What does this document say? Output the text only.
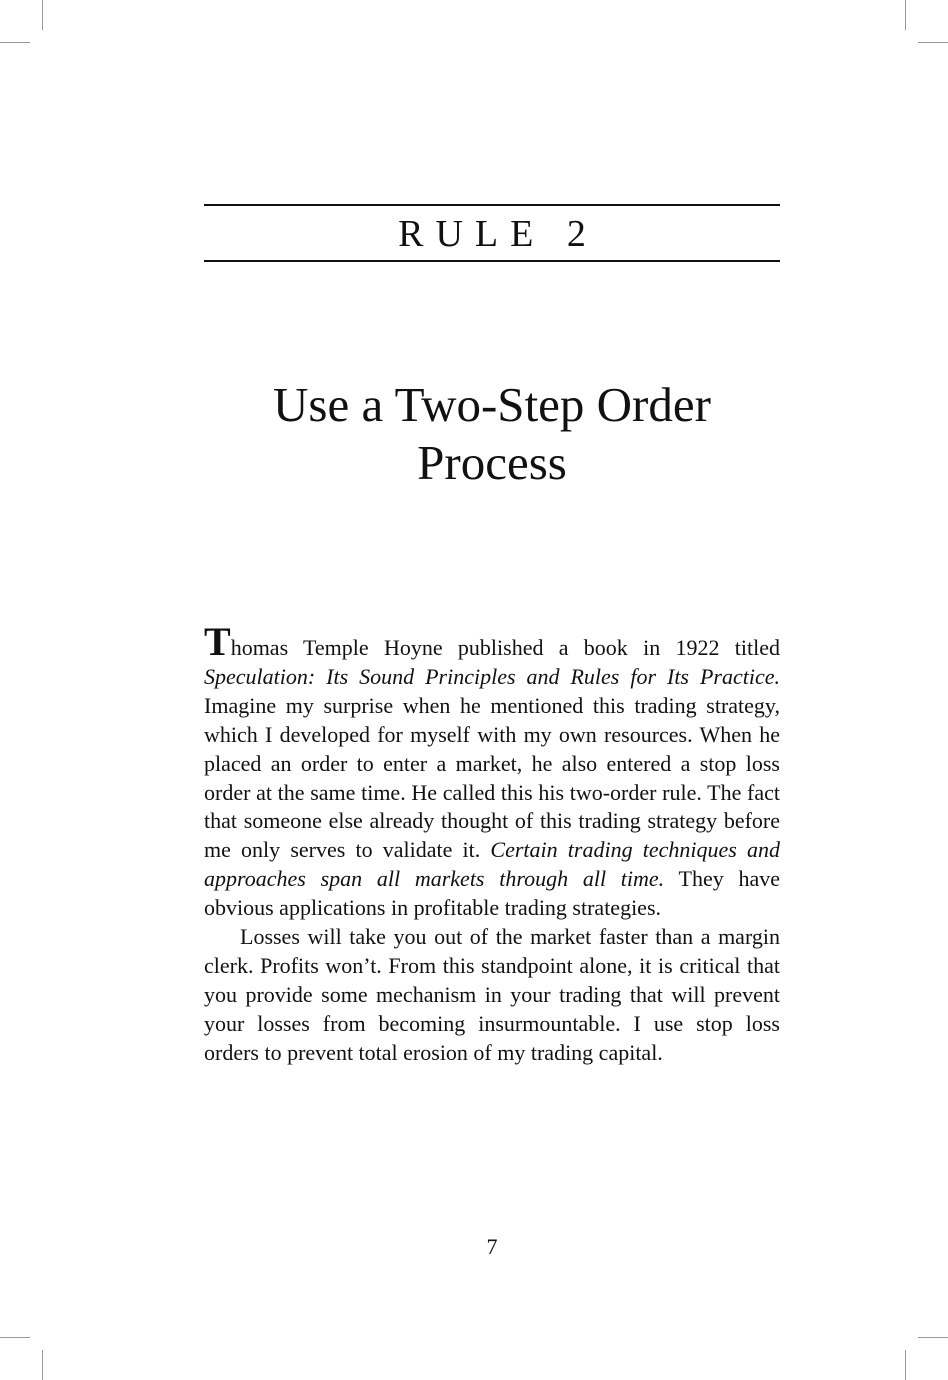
RULE 2
Use a Two-Step Order
Process

Thomas Temple Hoyne published a book in 1922 titled Speculation: Its Sound Principles and Rules for Its Practice. Imagine my surprise when he mentioned this trading strategy, which I developed for myself with my own resources. When he placed an order to enter a market, he also entered a stop loss order at the same time. He called this his two-order rule. The fact that someone else already thought of this trading strategy before me only serves to validate it. Certain trading techniques and approaches span all markets through all time. They have obvious applications in profitable trading strategies.

Losses will take you out of the market faster than a margin clerk. Profits won’t. From this standpoint alone, it is critical that you provide some mechanism in your trading that will prevent your losses from becoming insurmountable. I use stop loss orders to prevent total erosion of my trading capital.

7
